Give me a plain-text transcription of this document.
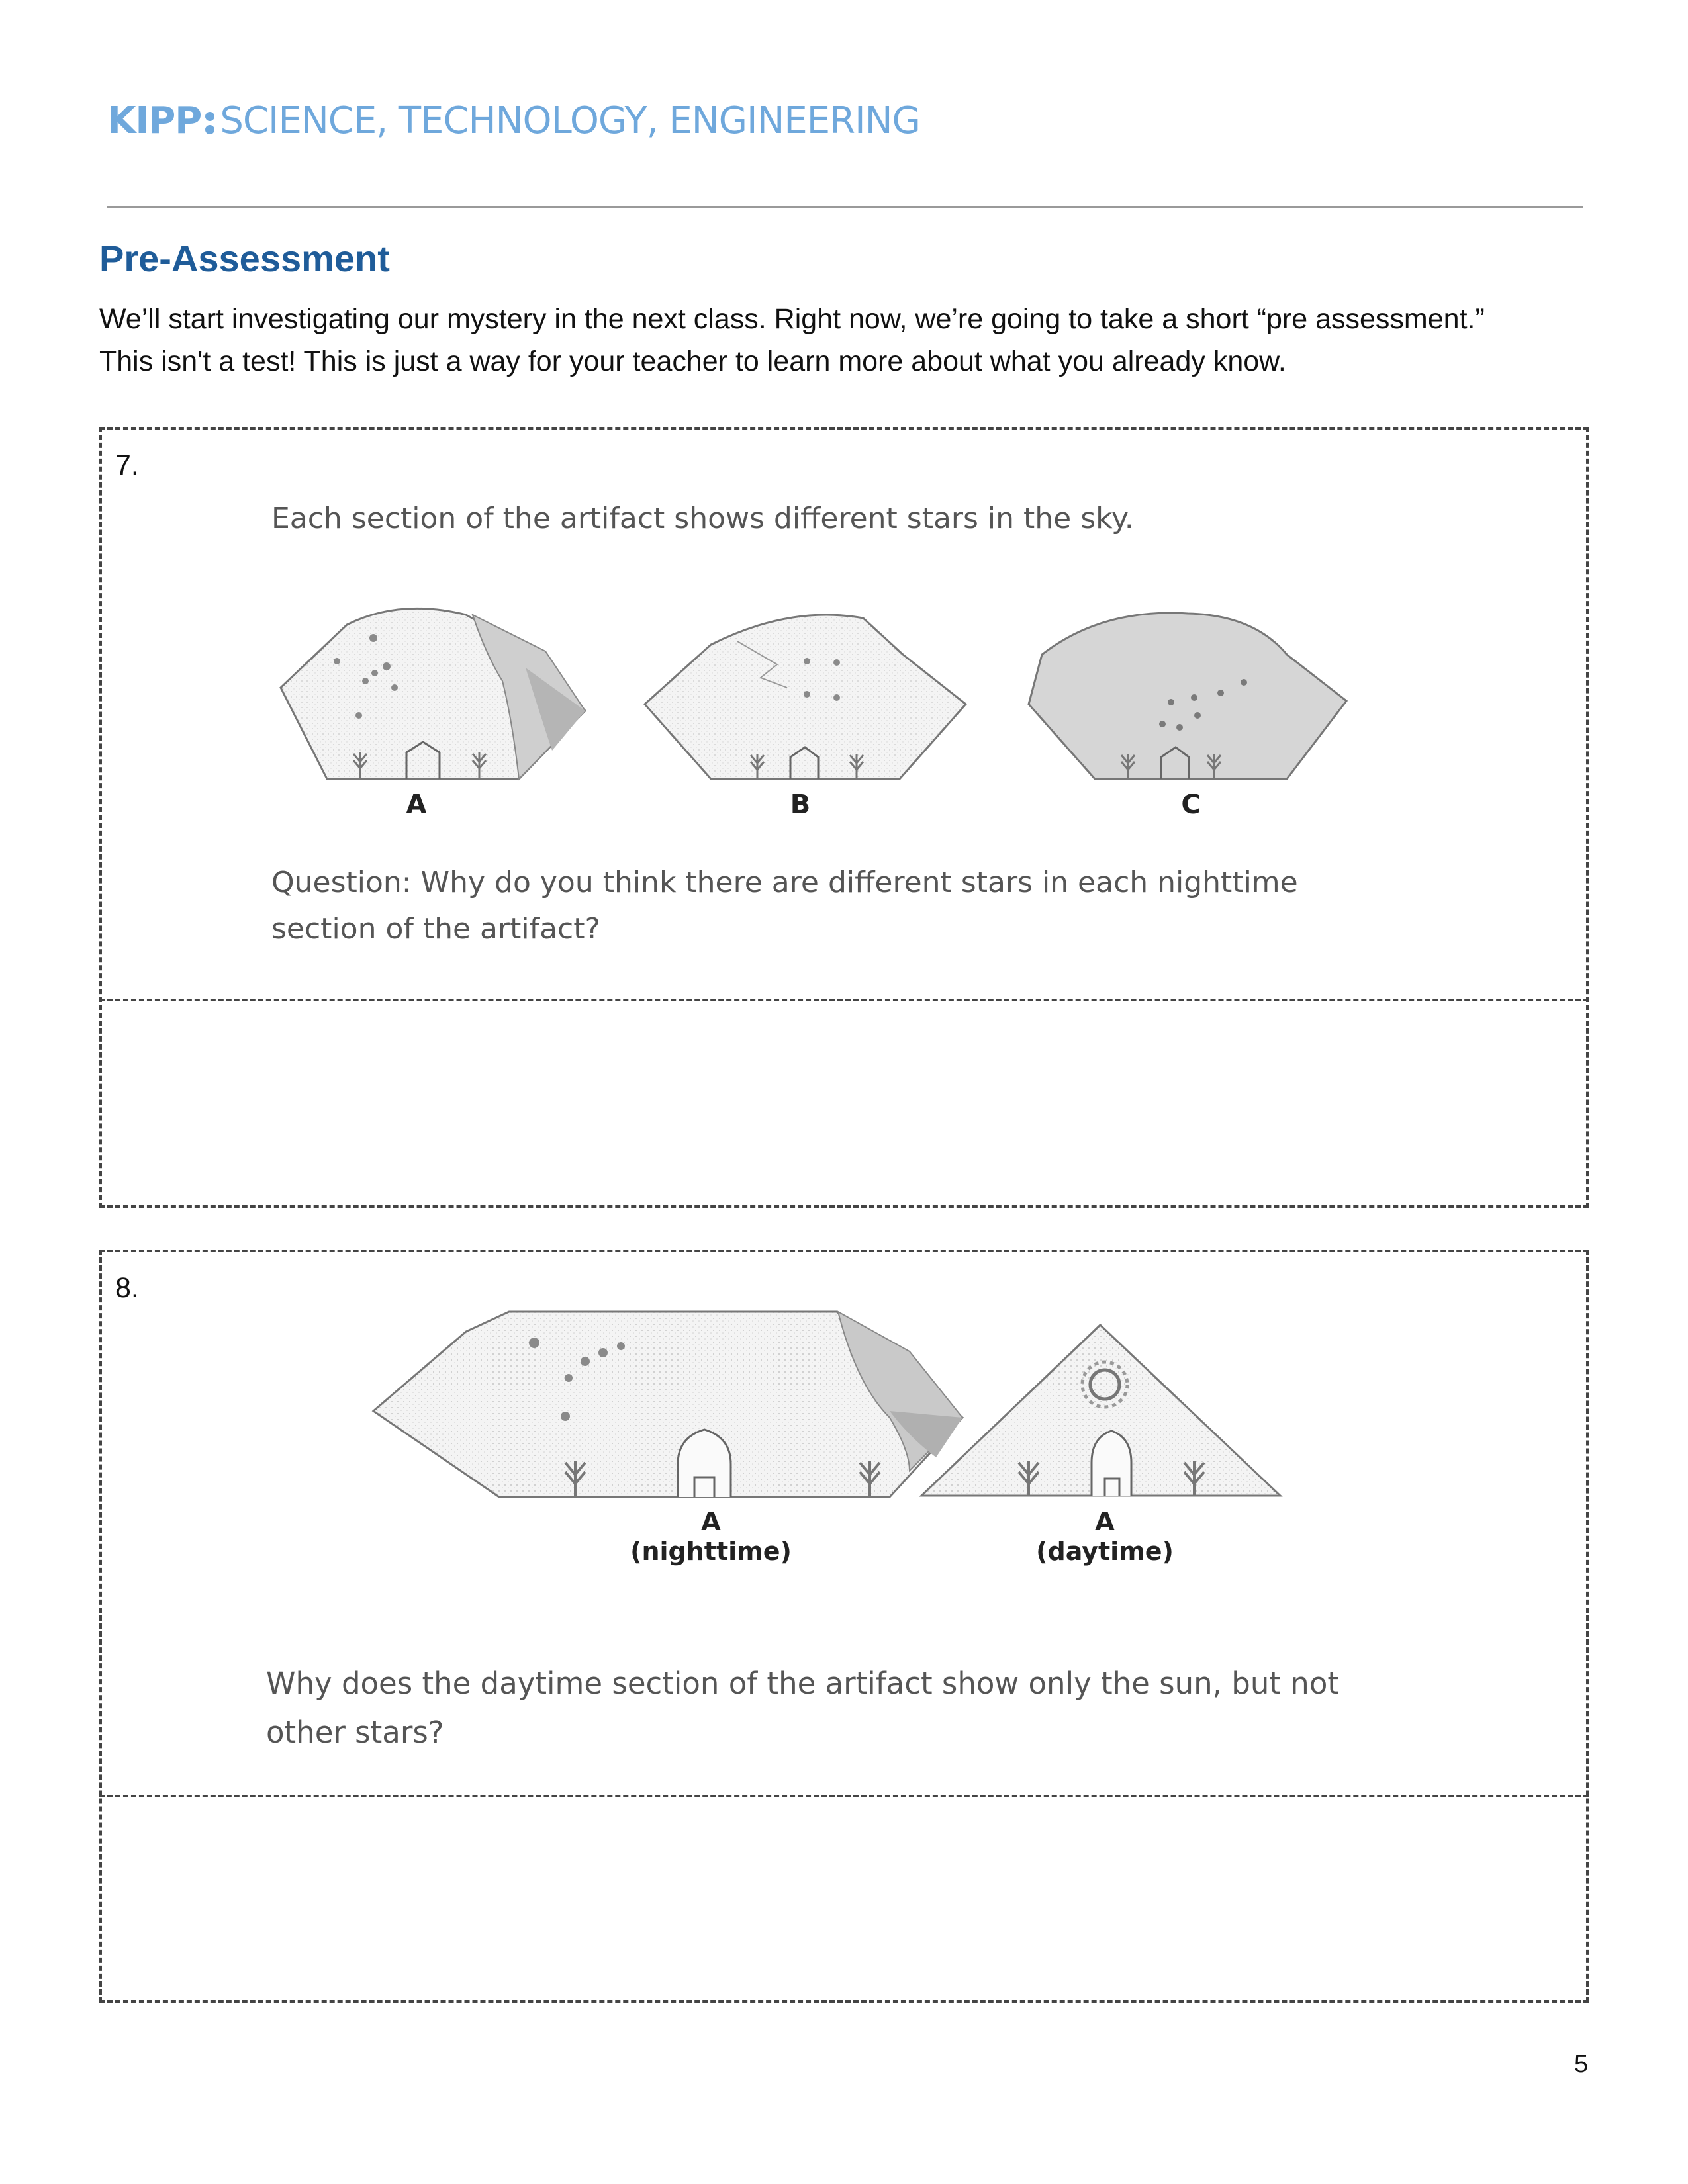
KIPP SCIENCE, TECHNOLOGY, ENGINEERING
Pre-Assessment

We’ll start investigating our mystery in the next class. Right now, we’re going to take a short “pre assessment.”

This isn't a test! This is just a way for your teacher to learn more about what you already know.

7.
Each section of the artifact shows different stars in the sky.
A	B	C
Question: Why do you think there are different stars in each nighttime
section of the artifact?
8.
A
(nighttime)
A
(daytime)
Why does the daytime section of the artifact show only the sun, but not
other stars?
5
